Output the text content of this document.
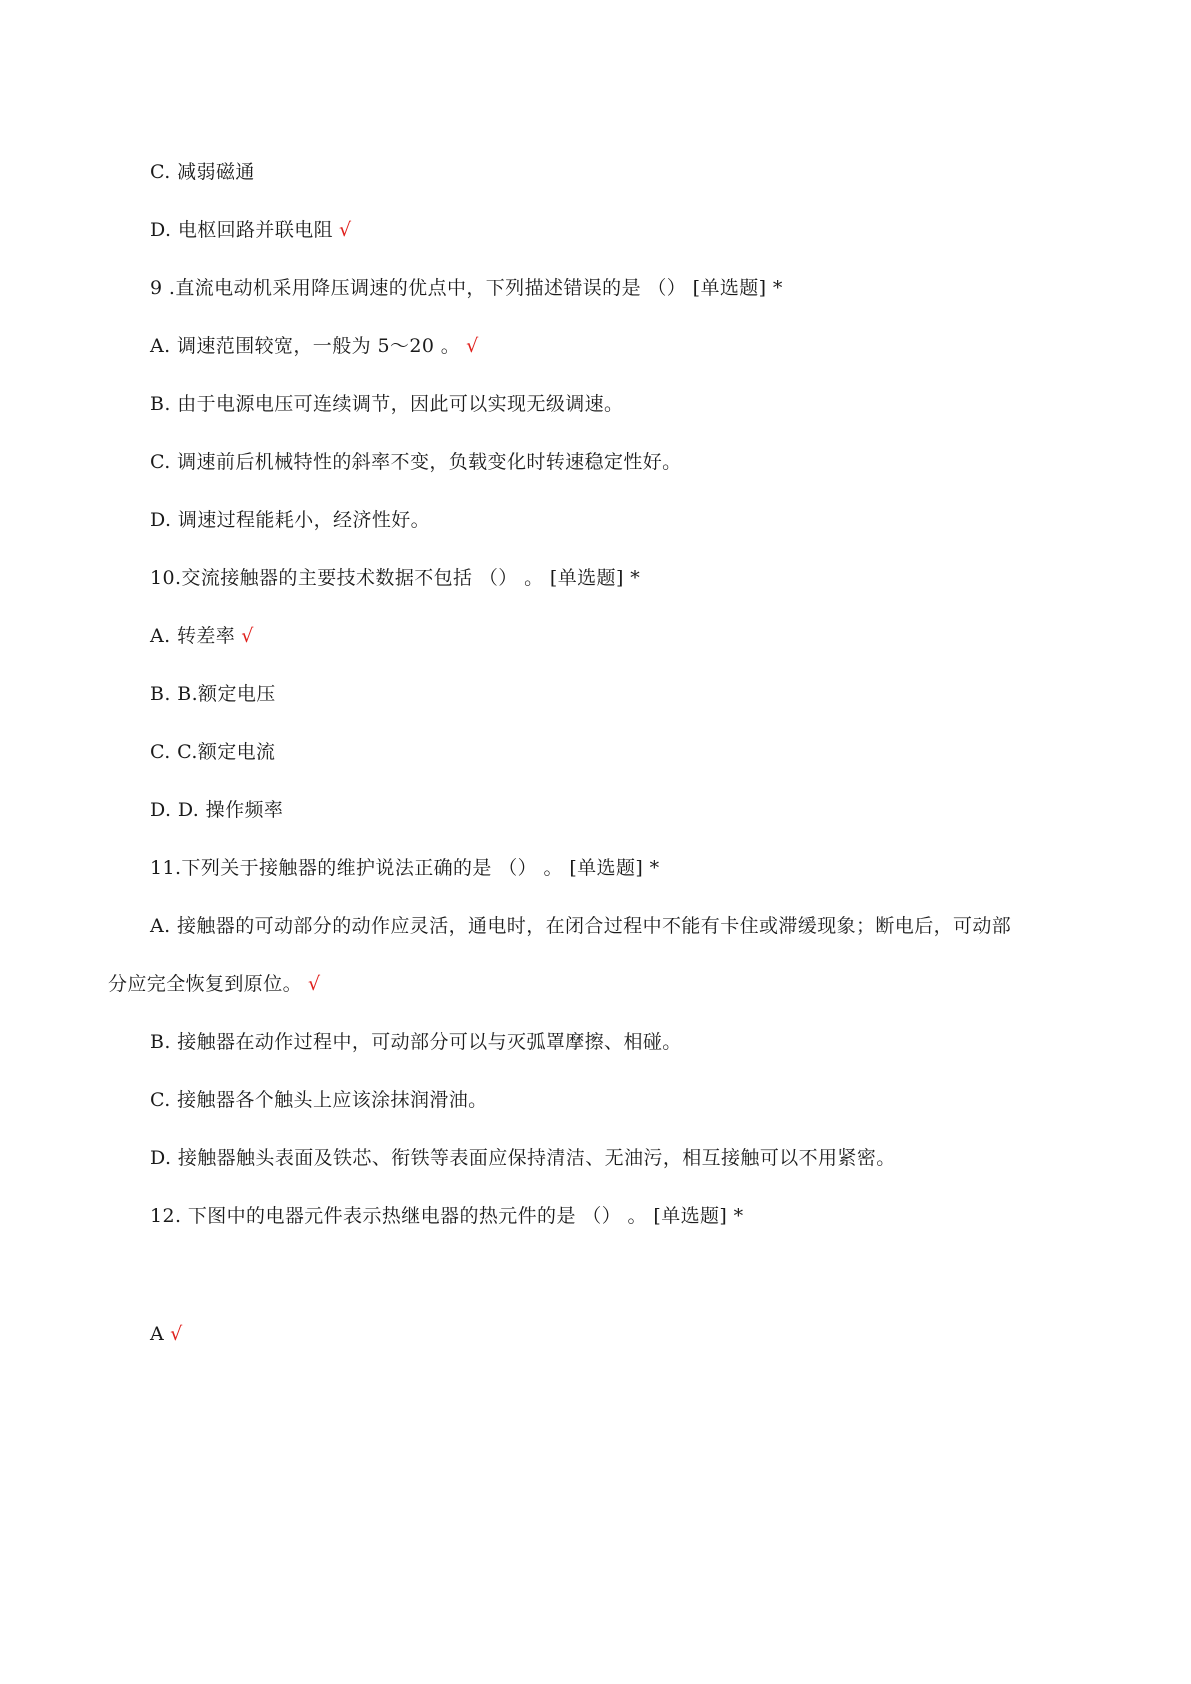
C. 减弱磁通
D. 电枢回路并联电阻 √
9 .直流电动机采用降压调速的优点中，下列描述错误的是 （） [单选题] *
A. 调速范围较宽，一般为 5～20 。 √
B. 由于电源电压可连续调节，因此可以实现无级调速。
C. 调速前后机械特性的斜率不变，负载变化时转速稳定性好。
D. 调速过程能耗小，经济性好。
10.交流接触器的主要技术数据不包括 （） 。 [单选题] *
A. 转差率 √
B. B.额定电压
C. C.额定电流
D. D. 操作频率
11.下列关于接触器的维护说法正确的是 （） 。 [单选题] *
A. 接触器的可动部分的动作应灵活，通电时，在闭合过程中不能有卡住或滞缓现象；断电后，可动部
分应完全恢复到原位。 √
B. 接触器在动作过程中，可动部分可以与灭弧罩摩擦、相碰。
C. 接触器各个触头上应该涂抹润滑油。
D. 接触器触头表面及铁芯、衔铁等表面应保持清洁、无油污，相互接触可以不用紧密。
12. 下图中的电器元件表示热继电器的热元件的是 （） 。 [单选题] *
A √
